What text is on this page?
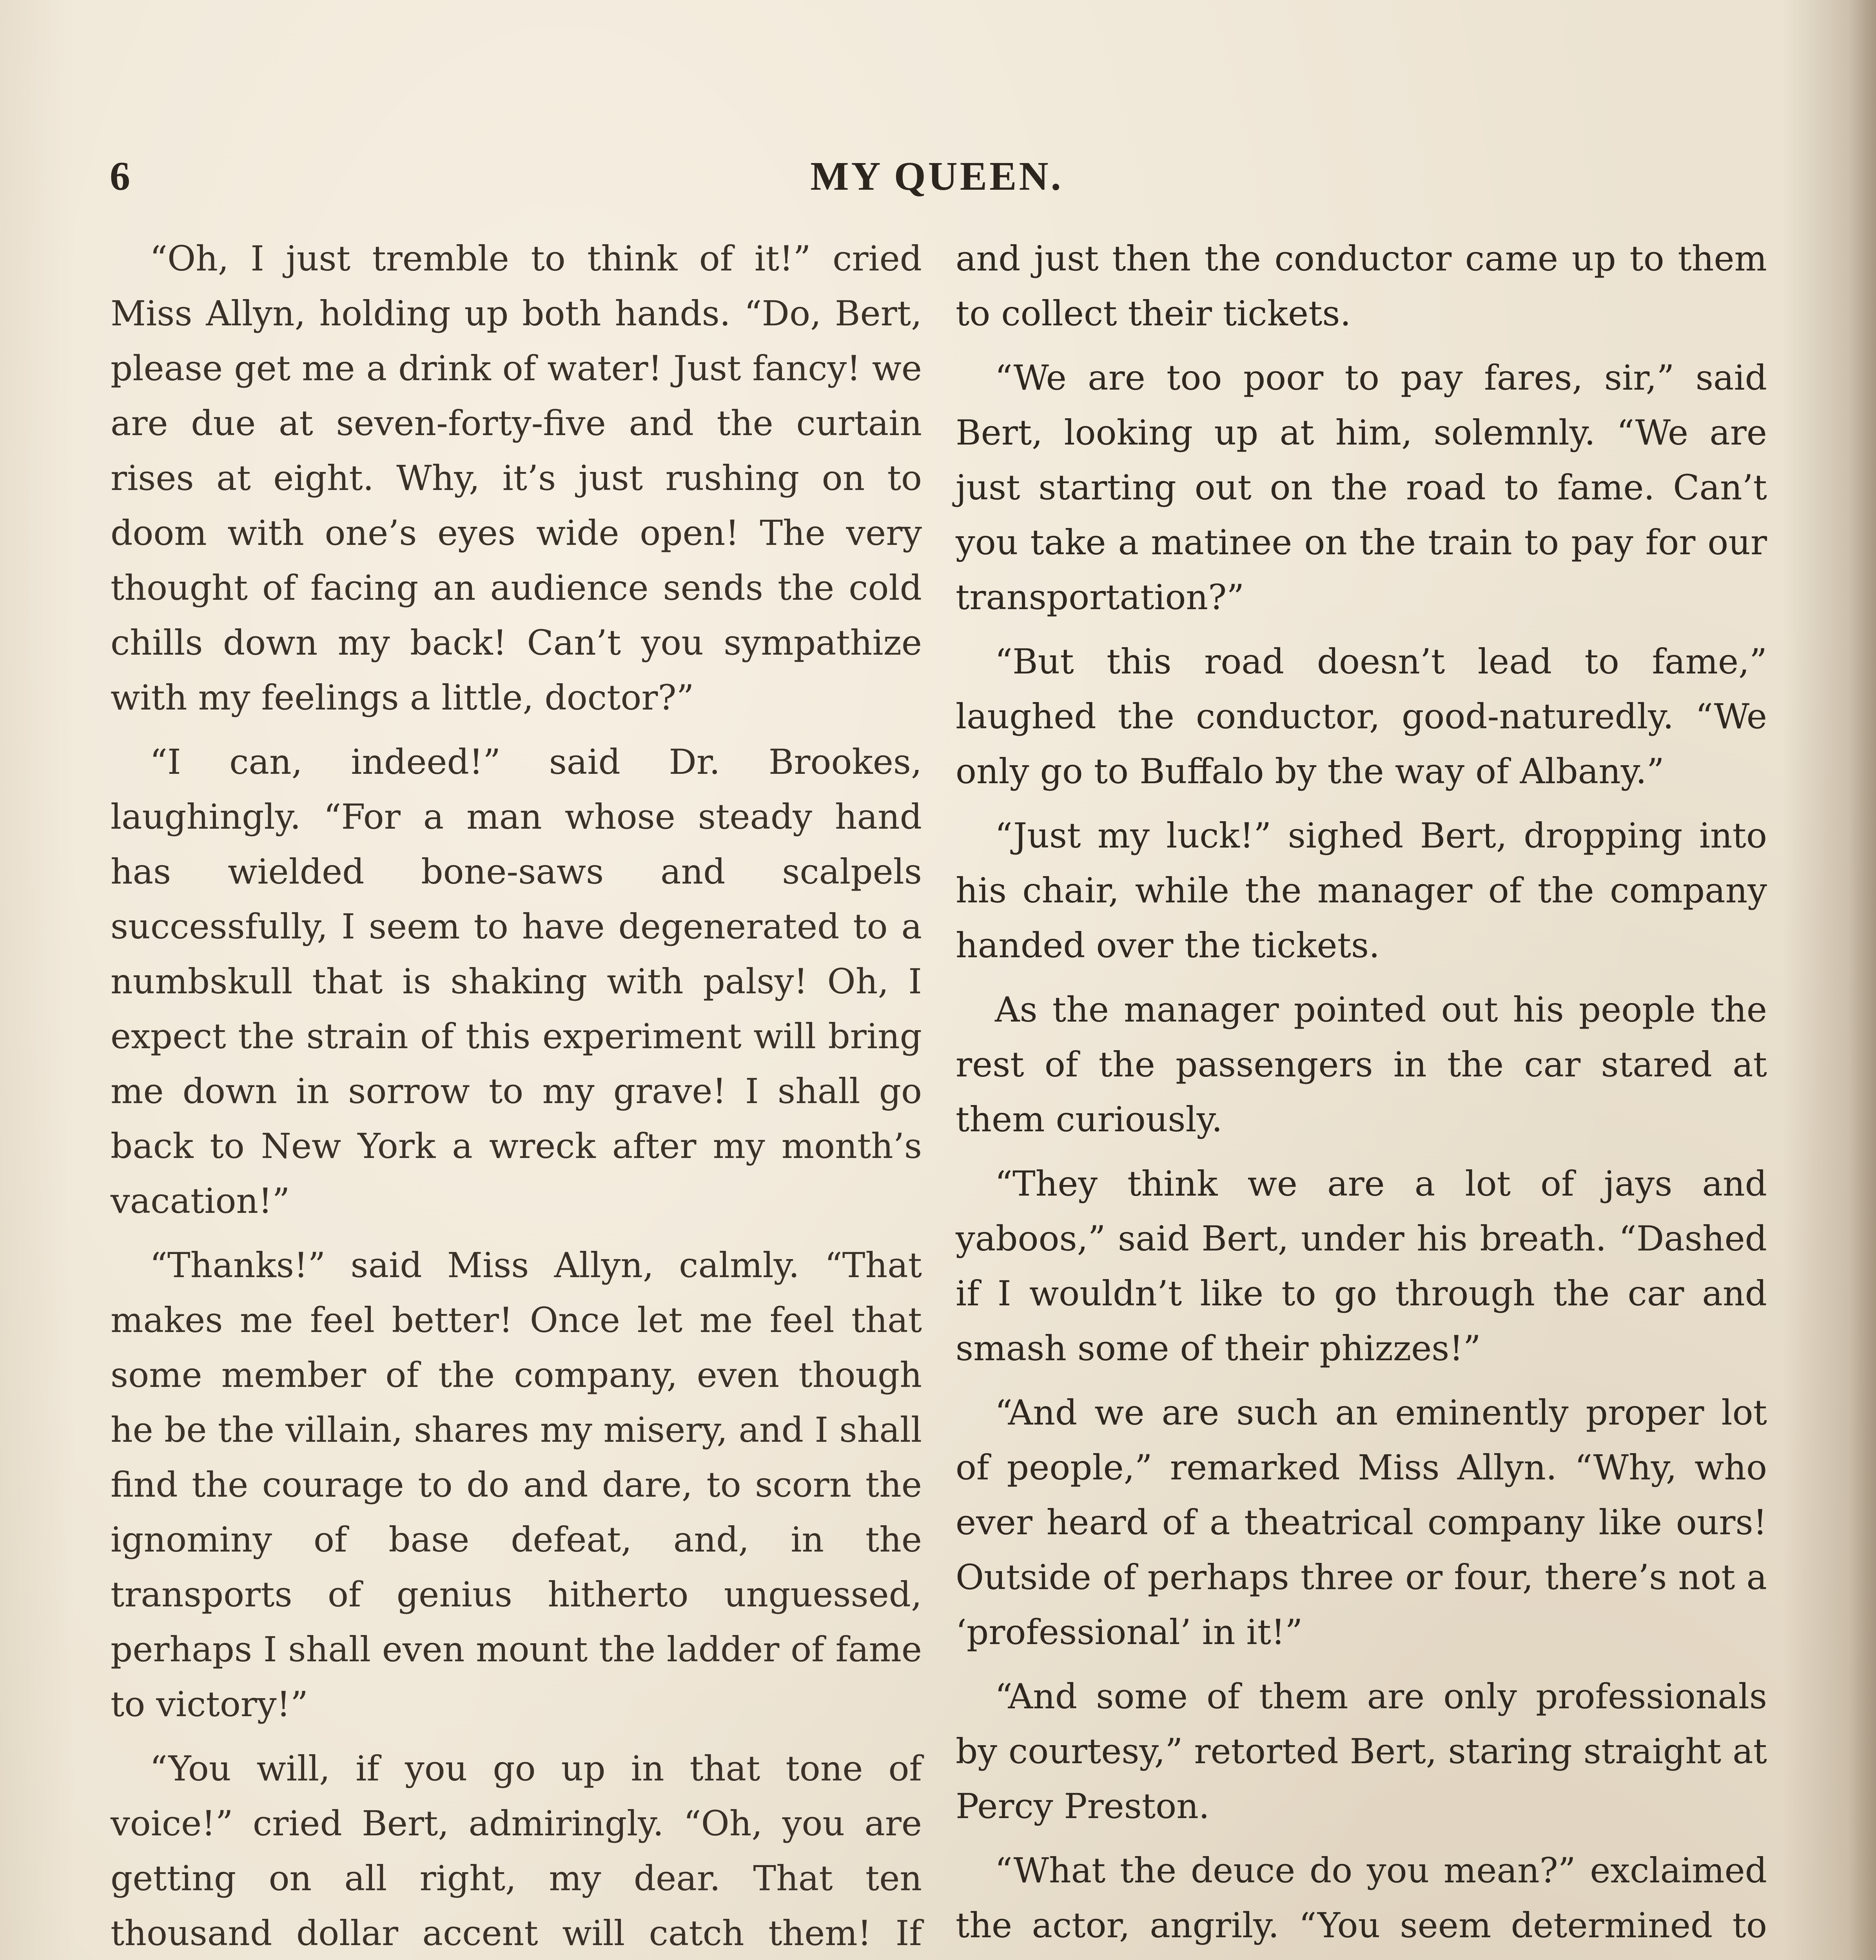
6	MY QUEEN.

“Oh, I just tremble to think of it!” cried Miss Allyn, holding up both hands. “Do, Bert, please get me a drink of water! Just fancy! we are due at seven-forty-five and the curtain rises at eight. Why, it’s just rushing on to doom with one’s eyes wide open! The very thought of facing an audience sends the cold chills down my back! Can’t you sympathize with my feelings a little, doctor?”

“I can, indeed!” said Dr. Brookes, laughingly. “For a man whose steady hand has wielded bone-saws and scalpels successfully, I seem to have degenerated to a numbskull that is shaking with palsy! Oh, I expect the strain of this experiment will bring me down in sorrow to my grave! I shall go back to New York a wreck after my month’s vacation!”

“Thanks!” said Miss Allyn, calmly. “That makes me feel better! Once let me feel that some member of the company, even though he be the villain, shares my misery, and I shall find the courage to do and dare, to scorn the ignominy of base defeat, and, in the transports of genius hitherto unguessed, perhaps I shall even mount the ladder of fame to victory!”

“You will, if you go up in that tone of voice!” cried Bert, admiringly. “Oh, you are getting on all right, my dear. That ten thousand dollar accent will catch them! If

and just then the conductor came up to them to collect their tickets.

“We are too poor to pay fares, sir,” said Bert, looking up at him, solemnly. “We are just starting out on the road to fame. Can’t you take a matinee on the train to pay for our transportation?”

“But this road doesn’t lead to fame,” laughed the conductor, good-naturedly. “We only go to Buffalo by the way of Albany.”

“Just my luck!” sighed Bert, dropping into his chair, while the manager of the company handed over the tickets.

As the manager pointed out his people the rest of the passengers in the car stared at them curiously.

“They think we are a lot of jays and yaboos,” said Bert, under his breath. “Dashed if I wouldn’t like to go through the car and smash some of their phizzes!”

“And we are such an eminently proper lot of people,” remarked Miss Allyn. “Why, who ever heard of a theatrical company like ours! Outside of perhaps three or four, there’s not a ‘professional’ in it!”

“And some of them are only professionals by courtesy,” retorted Bert, staring straight at Percy Preston.

“What the deuce do you mean?” exclaimed the actor, angrily. “You seem determined to
